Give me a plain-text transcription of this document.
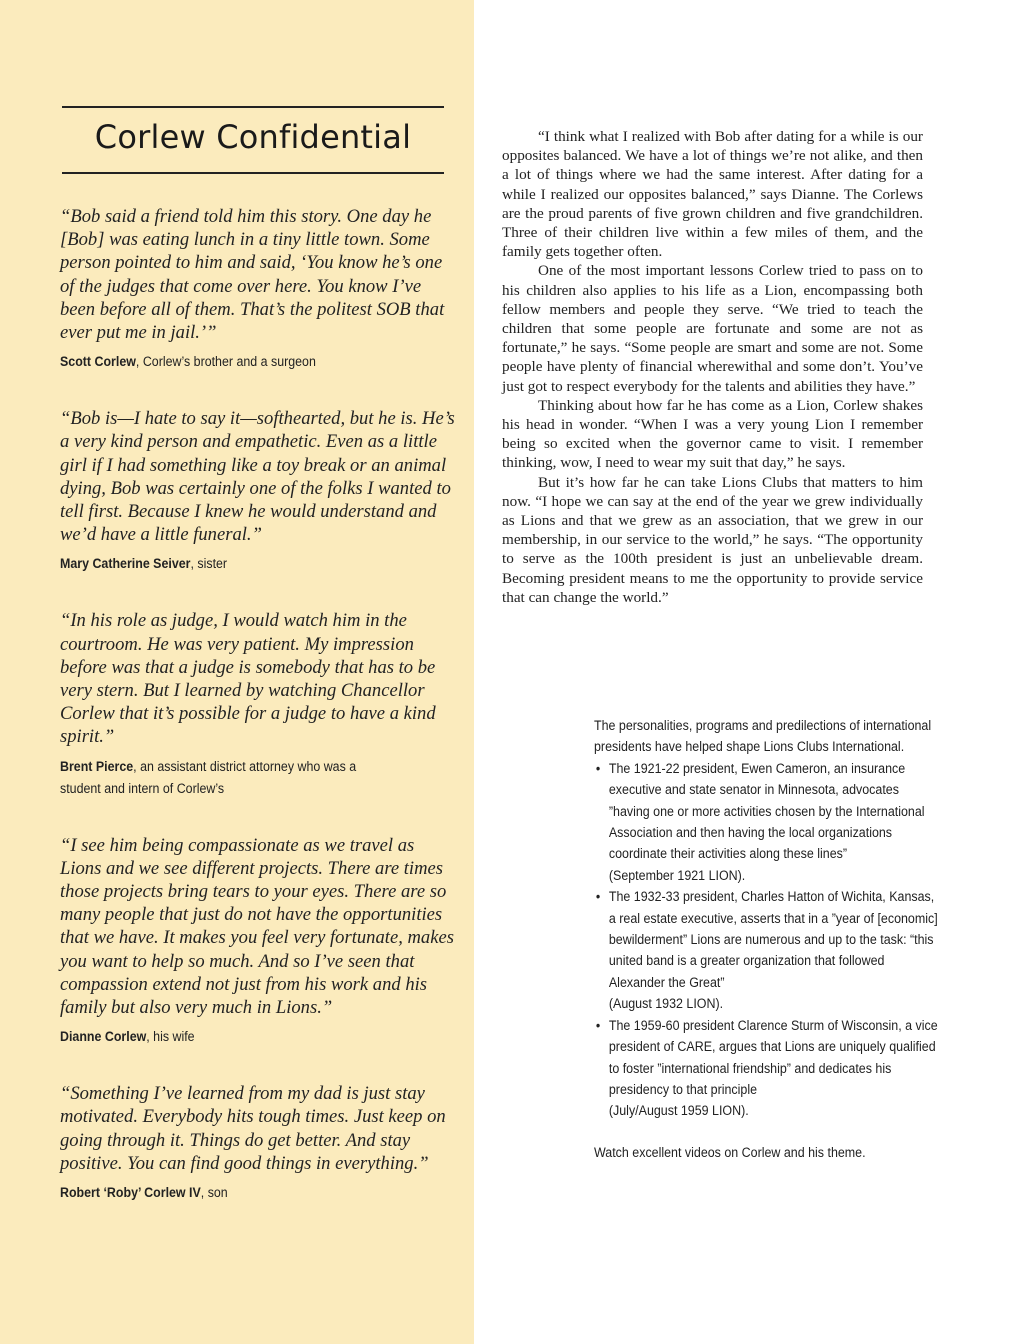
Corlew Confidential

“Bob said a friend told him this story. One day he [Bob] was eating lunch in a tiny little town. Some person pointed to him and said, ‘You know he’s one of the judges that come over here. You know I’ve been before all of them. That’s the politest SOB that ever put me in jail.’”

Scott Corlew, Corlew’s brother and a surgeon

“Bob is—I hate to say it—softhearted, but he is. He’s a very kind person and empathetic. Even as a little girl if I had something like a toy break or an animal dying, Bob was certainly one of the folks I wanted to tell first. Because I knew he would understand and we’d have a little funeral.”

Mary Catherine Seiver, sister

“In his role as judge, I would watch him in the courtroom. He was very patient. My impression before was that a judge is somebody that has to be very stern. But I learned by watching Chancellor Corlew that it’s possible for a judge to have a kind spirit.”

Brent Pierce, an assistant district attorney who was a student and intern of Corlew’s

“I see him being compassionate as we travel as Lions and we see different projects. There are times those projects bring tears to your eyes. There are so many people that just do not have the opportunities that we have. It makes you feel very fortunate, makes you want to help so much. And so I’ve seen that compassion extend not just from his work and his family but also very much in Lions.”

Dianne Corlew, his wife

“Something I’ve learned from my dad is just stay motivated. Everybody hits tough times. Just keep on going through it. Things do get better. And stay positive. You can find good things in everything.”

Robert ‘Roby’ Corlew IV, son

“I think what I realized with Bob after dating for a while is our opposites balanced. We have a lot of things we’re not alike, and then a lot of things where we had the same interest. After dating for a while I realized our opposites balanced,” says Dianne. The Corlews are the proud parents of five grown children and five grandchildren. Three of their children live within a few miles of them, and the family gets together often.

One of the most important lessons Corlew tried to pass on to his children also applies to his life as a Lion, encompassing both fellow members and people they serve. “We tried to teach the children that some people are fortunate and some are not as fortunate,” he says. “Some people are smart and some are not. Some people have plenty of financial wherewithal and some don’t. You’ve just got to respect everybody for the talents and abilities they have.”

Thinking about how far he has come as a Lion, Corlew shakes his head in wonder. “When I was a very young Lion I remember being so excited when the governor came to visit. I remember thinking, wow, I need to wear my suit that day,” he says.

But it’s how far he can take Lions Clubs that matters to him now. “I hope we can say at the end of the year we grew individually as Lions and that we grew as an association, that we grew in our membership, in our service to the world,” he says. “The opportunity to serve as the 100th president is just an unbelievable dream. Becoming president means to me the opportunity to provide service that can change the world.”

The personalities, programs and predilections of international presidents have helped shape Lions Clubs International.

• The 1921-22 president, Ewen Cameron, an insurance executive and state senator in Minnesota, advocates ”having one or more activities chosen by the International Association and then having the local organizations coordinate their activities along these lines”
(September 1921 LION).
• The 1932-33 president, Charles Hatton of Wichita, Kansas, a real estate executive, asserts that in a ”year of [economic] bewilderment” Lions are numerous and up to the task: “this united band is a greater organization that followed Alexander the Great”
(August 1932 LION).
• The 1959-60 president Clarence Sturm of Wisconsin, a vice president of CARE, argues that Lions are uniquely qualified to foster ”international friendship” and dedicates his presidency to that principle
(July/August 1959 LION).

Watch excellent videos on Corlew and his theme.
